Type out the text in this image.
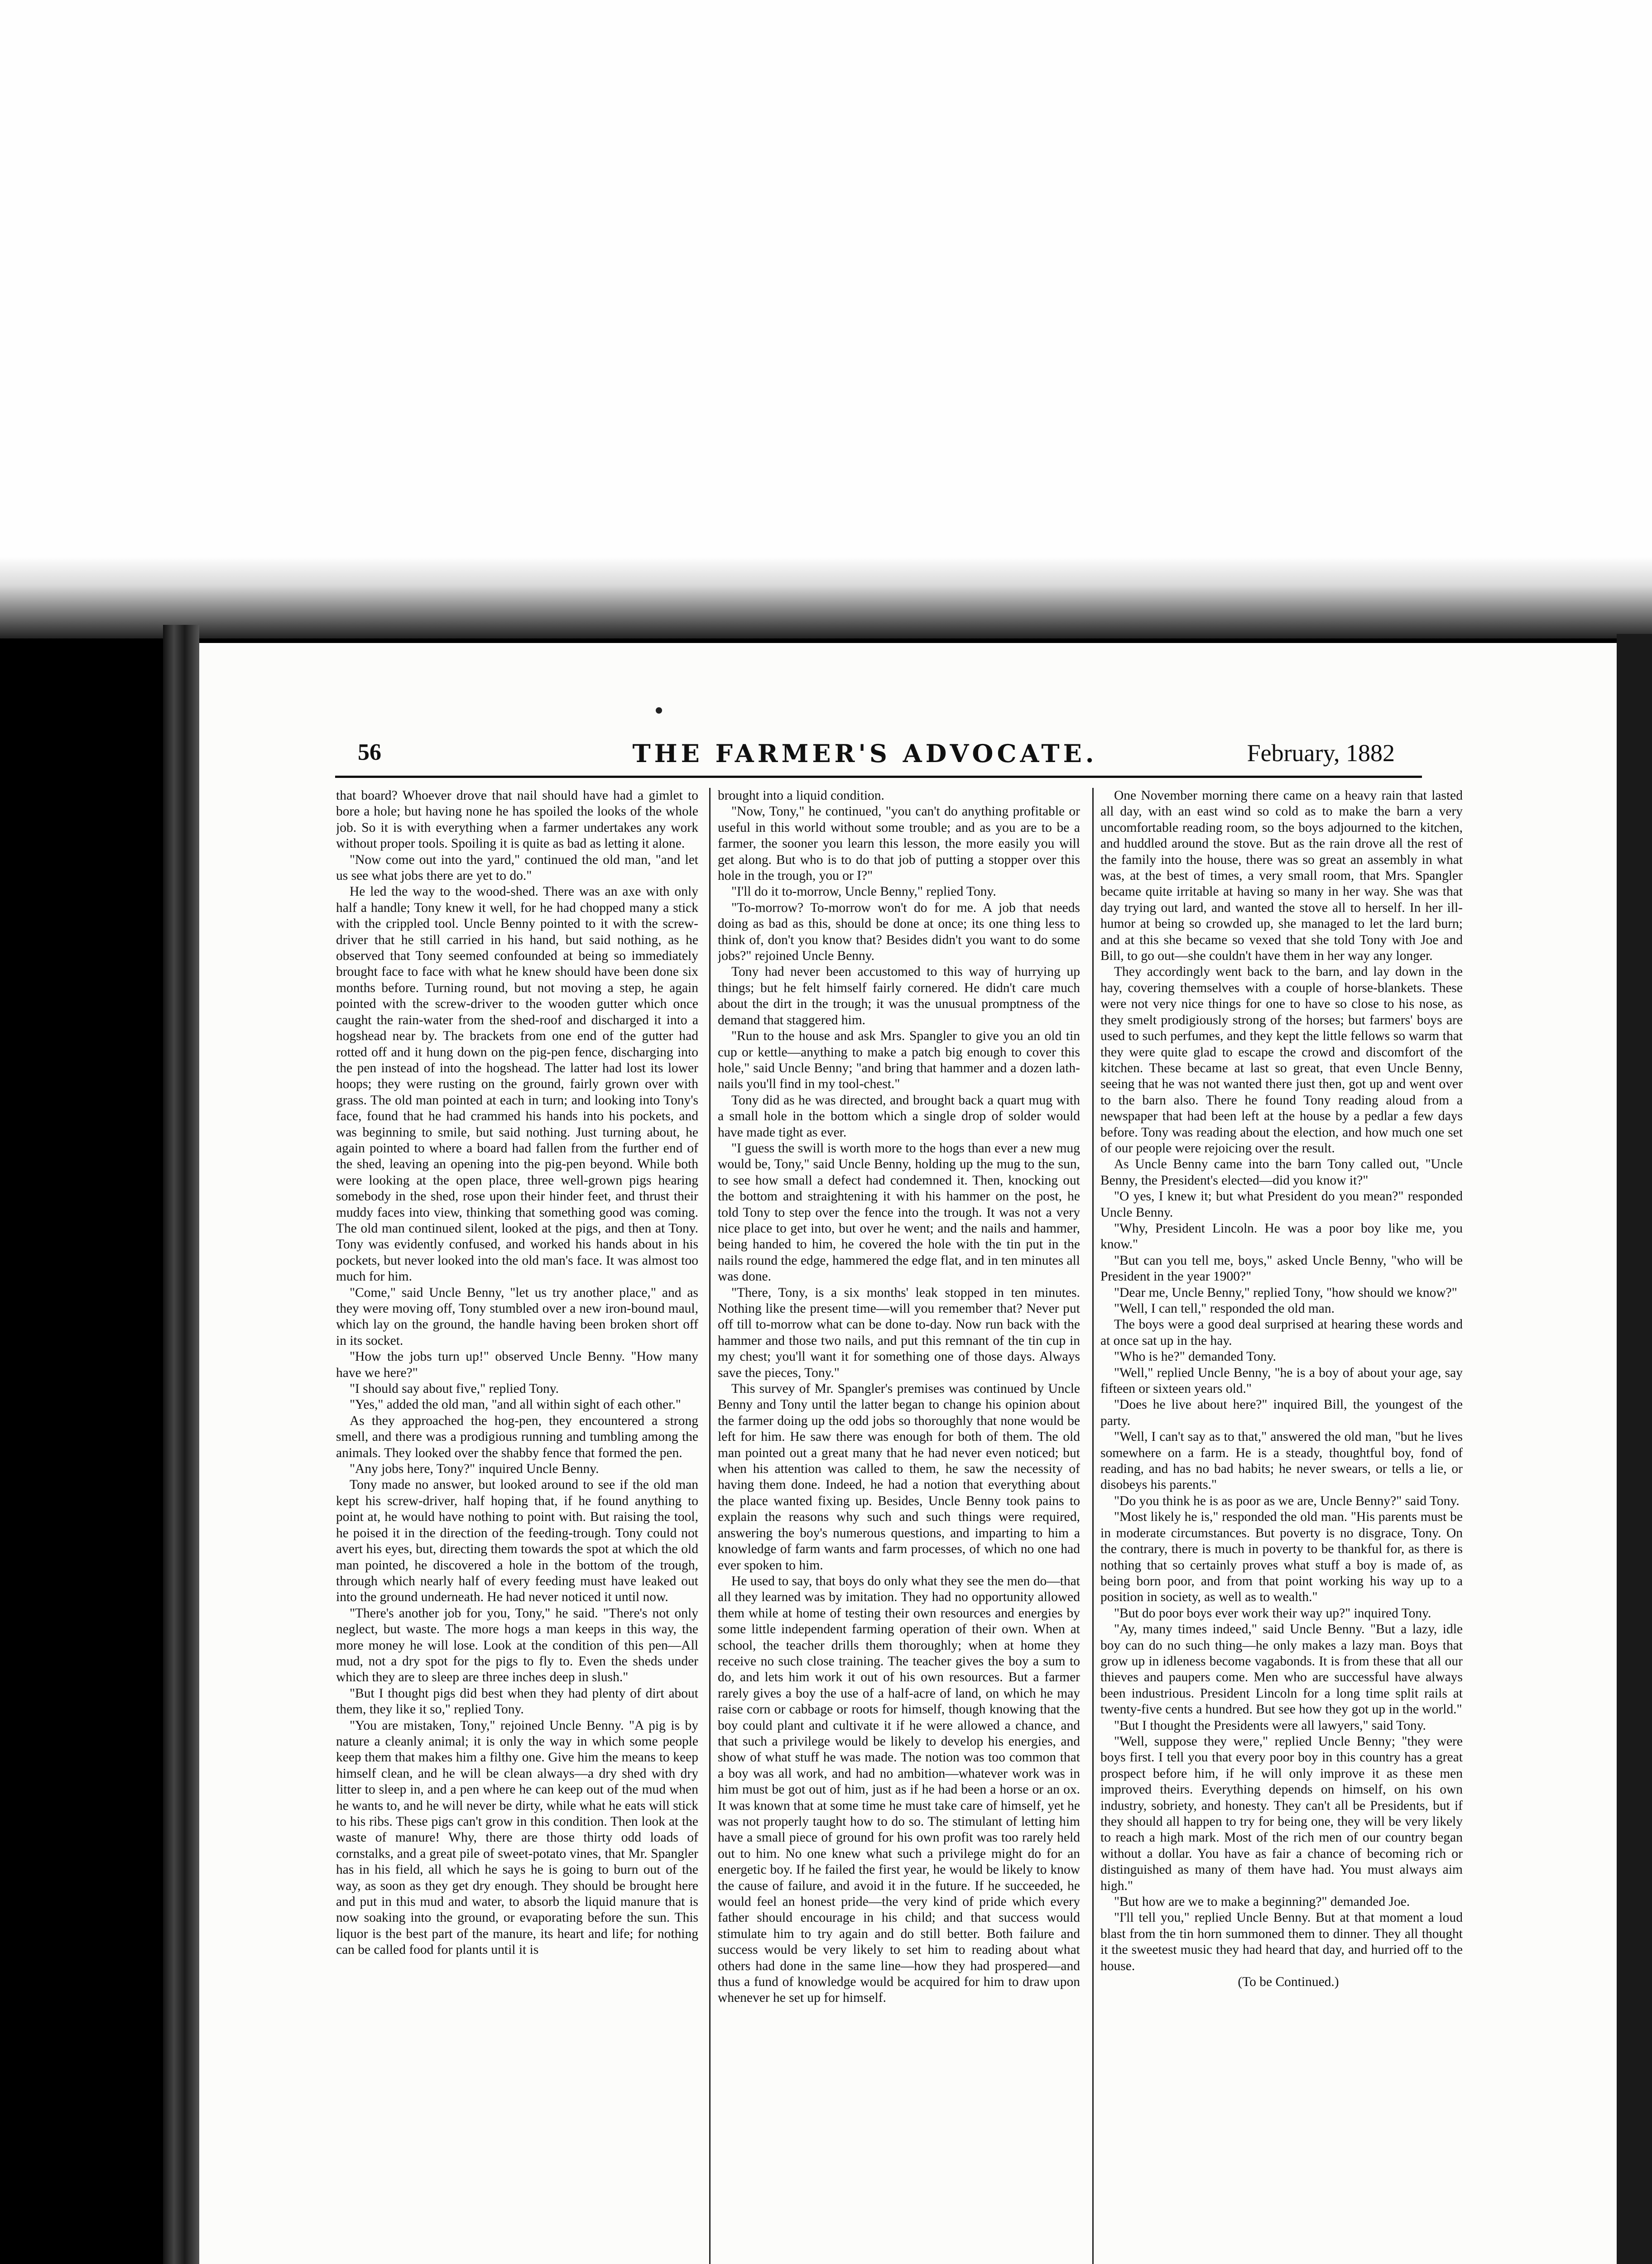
56	THE FARMER'S ADVOCATE.	February, 1882

that board? Whoever drove that nail should have had a gimlet to bore a hole; but having none he has spoiled the looks of the whole job. So it is with everything when a farmer undertakes any work without proper tools. Spoiling it is quite as bad as letting it alone.

"Now come out into the yard," continued the old man, "and let us see what jobs there are yet to do."

He led the way to the wood-shed. There was an axe with only half a handle; Tony knew it well, for he had chopped many a stick with the crippled tool. Uncle Benny pointed to it with the screw-driver that he still carried in his hand, but said nothing, as he observed that Tony seemed confounded at being so immediately brought face to face with what he knew should have been done six months before. Turning round, but not moving a step, he again pointed with the screw-driver to the wooden gutter which once caught the rain-water from the shed-roof and discharged it into a hogshead near by. The brackets from one end of the gutter had rotted off and it hung down on the pig-pen fence, discharging into the pen instead of into the hogshead. The latter had lost its lower hoops; they were rusting on the ground, fairly grown over with grass. The old man pointed at each in turn; and looking into Tony's face, found that he had crammed his hands into his pockets, and was beginning to smile, but said nothing. Just turning about, he again pointed to where a board had fallen from the further end of the shed, leaving an opening into the pig-pen beyond. While both were looking at the open place, three well-grown pigs hearing somebody in the shed, rose upon their hinder feet, and thrust their muddy faces into view, thinking that something good was coming. The old man continued silent, looked at the pigs, and then at Tony. Tony was evidently confused, and worked his hands about in his pockets, but never looked into the old man's face. It was almost too much for him.

"Come," said Uncle Benny, "let us try another place," and as they were moving off, Tony stumbled over a new iron-bound maul, which lay on the ground, the handle having been broken short off in its socket.

"How the jobs turn up!" observed Uncle Benny. "How many have we here?"

"I should say about five," replied Tony.

"Yes," added the old man, "and all within sight of each other."

As they approached the hog-pen, they encountered a strong smell, and there was a prodigious running and tumbling among the animals. They looked over the shabby fence that formed the pen.

"Any jobs here, Tony?" inquired Uncle Benny.

Tony made no answer, but looked around to see if the old man kept his screw-driver, half hoping that, if he found anything to point at, he would have nothing to point with. But raising the tool, he poised it in the direction of the feeding-trough. Tony could not avert his eyes, but, directing them towards the spot at which the old man pointed, he discovered a hole in the bottom of the trough, through which nearly half of every feeding must have leaked out into the ground underneath. He had never noticed it until now.

"There's another job for you, Tony," he said. "There's not only neglect, but waste. The more hogs a man keeps in this way, the more money he will lose. Look at the condition of this pen—All mud, not a dry spot for the pigs to fly to. Even the sheds under which they are to sleep are three inches deep in slush."

"But I thought pigs did best when they had plenty of dirt about them, they like it so," replied Tony.

"You are mistaken, Tony," rejoined Uncle Benny. "A pig is by nature a cleanly animal; it is only the way in which some people keep them that makes him a filthy one. Give him the means to keep himself clean, and he will be clean always—a dry shed with dry litter to sleep in, and a pen where he can keep out of the mud when he wants to, and he will never be dirty, while what he eats will stick to his ribs. These pigs can't grow in this condition. Then look at the waste of manure! Why, there are those thirty odd loads of cornstalks, and a great pile of sweet-potato vines, that Mr. Spangler has in his field, all which he says he is going to burn out of the way, as soon as they get dry enough. They should be brought here and put in this mud and water, to absorb the liquid manure that is now soaking into the ground, or evaporating before the sun. This liquor is the best part of the manure, its heart and life; for nothing can be called food for plants until it is

brought into a liquid condition.

"Now, Tony," he continued, "you can't do anything profitable or useful in this world without some trouble; and as you are to be a farmer, the sooner you learn this lesson, the more easily you will get along. But who is to do that job of putting a stopper over this hole in the trough, you or I?"

"I'll do it to-morrow, Uncle Benny," replied Tony.

"To-morrow? To-morrow won't do for me. A job that needs doing as bad as this, should be done at once; its one thing less to think of, don't you know that? Besides didn't you want to do some jobs?" rejoined Uncle Benny.

Tony had never been accustomed to this way of hurrying up things; but he felt himself fairly cornered. He didn't care much about the dirt in the trough; it was the unusual promptness of the demand that staggered him.

"Run to the house and ask Mrs. Spangler to give you an old tin cup or kettle—anything to make a patch big enough to cover this hole," said Uncle Benny; "and bring that hammer and a dozen lath-nails you'll find in my tool-chest."

Tony did as he was directed, and brought back a quart mug with a small hole in the bottom which a single drop of solder would have made tight as ever.

"I guess the swill is worth more to the hogs than ever a new mug would be, Tony," said Uncle Benny, holding up the mug to the sun, to see how small a defect had condemned it. Then, knocking out the bottom and straightening it with his hammer on the post, he told Tony to step over the fence into the trough. It was not a very nice place to get into, but over he went; and the nails and hammer, being handed to him, he covered the hole with the tin put in the nails round the edge, hammered the edge flat, and in ten minutes all was done.

"There, Tony, is a six months' leak stopped in ten minutes. Nothing like the present time—will you remember that? Never put off till to-morrow what can be done to-day. Now run back with the hammer and those two nails, and put this remnant of the tin cup in my chest; you'll want it for something one of those days. Always save the pieces, Tony."

This survey of Mr. Spangler's premises was continued by Uncle Benny and Tony until the latter began to change his opinion about the farmer doing up the odd jobs so thoroughly that none would be left for him. He saw there was enough for both of them. The old man pointed out a great many that he had never even noticed; but when his attention was called to them, he saw the necessity of having them done. Indeed, he had a notion that everything about the place wanted fixing up. Besides, Uncle Benny took pains to explain the reasons why such and such things were required, answering the boy's numerous questions, and imparting to him a knowledge of farm wants and farm processes, of which no one had ever spoken to him.

He used to say, that boys do only what they see the men do—that all they learned was by imitation. They had no opportunity allowed them while at home of testing their own resources and energies by some little independent farming operation of their own. When at school, the teacher drills them thoroughly; when at home they receive no such close training. The teacher gives the boy a sum to do, and lets him work it out of his own resources. But a farmer rarely gives a boy the use of a half-acre of land, on which he may raise corn or cabbage or roots for himself, though knowing that the boy could plant and cultivate it if he were allowed a chance, and that such a privilege would be likely to develop his energies, and show of what stuff he was made. The notion was too common that a boy was all work, and had no ambition—whatever work was in him must be got out of him, just as if he had been a horse or an ox. It was known that at some time he must take care of himself, yet he was not properly taught how to do so. The stimulant of letting him have a small piece of ground for his own profit was too rarely held out to him. No one knew what such a privilege might do for an energetic boy. If he failed the first year, he would be likely to know the cause of failure, and avoid it in the future. If he succeeded, he would feel an honest pride—the very kind of pride which every father should encourage in his child; and that success would stimulate him to try again and do still better. Both failure and success would be very likely to set him to reading about what others had done in the same line—how they had prospered—and thus a fund of knowledge would be acquired for him to draw upon whenever he set up for himself.

One November morning there came on a heavy rain that lasted all day, with an east wind so cold as to make the barn a very uncomfortable reading room, so the boys adjourned to the kitchen, and huddled around the stove. But as the rain drove all the rest of the family into the house, there was so great an assembly in what was, at the best of times, a very small room, that Mrs. Spangler became quite irritable at having so many in her way. She was that day trying out lard, and wanted the stove all to herself. In her ill-humor at being so crowded up, she managed to let the lard burn; and at this she became so vexed that she told Tony with Joe and Bill, to go out—she couldn't have them in her way any longer.

They accordingly went back to the barn, and lay down in the hay, covering themselves with a couple of horse-blankets. These were not very nice things for one to have so close to his nose, as they smelt prodigiously strong of the horses; but farmers' boys are used to such perfumes, and they kept the little fellows so warm that they were quite glad to escape the crowd and discomfort of the kitchen. These became at last so great, that even Uncle Benny, seeing that he was not wanted there just then, got up and went over to the barn also. There he found Tony reading aloud from a newspaper that had been left at the house by a pedlar a few days before. Tony was reading about the election, and how much one set of our people were rejoicing over the result.

As Uncle Benny came into the barn Tony called out, "Uncle Benny, the President's elected—did you know it?"

"O yes, I knew it; but what President do you mean?" responded Uncle Benny.

"Why, President Lincoln. He was a poor boy like me, you know."

"But can you tell me, boys," asked Uncle Benny, "who will be President in the year 1900?"

"Dear me, Uncle Benny," replied Tony, "how should we know?"

"Well, I can tell," responded the old man.

The boys were a good deal surprised at hearing these words and at once sat up in the hay.

"Who is he?" demanded Tony.

"Well," replied Uncle Benny, "he is a boy of about your age, say fifteen or sixteen years old."

"Does he live about here?" inquired Bill, the youngest of the party.

"Well, I can't say as to that," answered the old man, "but he lives somewhere on a farm. He is a steady, thoughtful boy, fond of reading, and has no bad habits; he never swears, or tells a lie, or disobeys his parents."

"Do you think he is as poor as we are, Uncle Benny?" said Tony.

"Most likely he is," responded the old man. "His parents must be in moderate circumstances. But poverty is no disgrace, Tony. On the contrary, there is much in poverty to be thankful for, as there is nothing that so certainly proves what stuff a boy is made of, as being born poor, and from that point working his way up to a position in society, as well as to wealth."

"But do poor boys ever work their way up?" inquired Tony.

"Ay, many times indeed," said Uncle Benny. "But a lazy, idle boy can do no such thing—he only makes a lazy man. Boys that grow up in idleness become vagabonds. It is from these that all our thieves and paupers come. Men who are successful have always been industrious. President Lincoln for a long time split rails at twenty-five cents a hundred. But see how they got up in the world."

"But I thought the Presidents were all lawyers," said Tony.

"Well, suppose they were," replied Uncle Benny; "they were boys first. I tell you that every poor boy in this country has a great prospect before him, if he will only improve it as these men improved theirs. Everything depends on himself, on his own industry, sobriety, and honesty. They can't all be Presidents, but if they should all happen to try for being one, they will be very likely to reach a high mark. Most of the rich men of our country began without a dollar. You have as fair a chance of becoming rich or distinguished as many of them have had. You must always aim high."

"But how are we to make a beginning?" demanded Joe.

"I'll tell you," replied Uncle Benny. But at that moment a loud blast from the tin horn summoned them to dinner. They all thought it the sweetest music they had heard that day, and hurried off to the house.

(To be Continued.)
